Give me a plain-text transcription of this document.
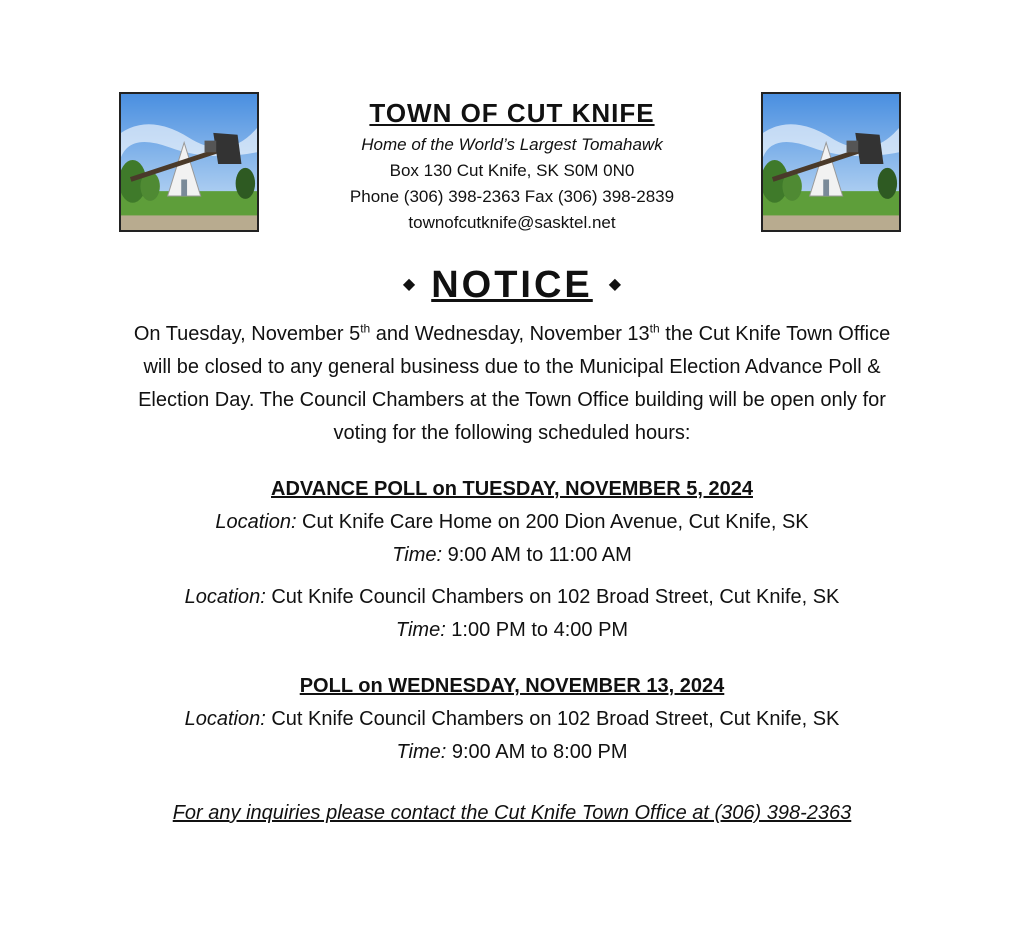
TOWN OF CUT KNIFE
Home of the World’s Largest Tomahawk
Box 130 Cut Knife, SK S0M 0N0
Phone (306) 398-2363 Fax (306) 398-2839
townofcutknife@sasktel.net
◆ NOTICE ◆
On Tuesday, November 5th and Wednesday, November 13th the Cut Knife Town Office will be closed to any general business due to the Municipal Election Advance Poll & Election Day. The Council Chambers at the Town Office building will be open only for voting for the following scheduled hours:
ADVANCE POLL on TUESDAY, NOVEMBER 5, 2024
Location: Cut Knife Care Home on 200 Dion Avenue, Cut Knife, SK
Time: 9:00 AM to 11:00 AM
Location: Cut Knife Council Chambers on 102 Broad Street, Cut Knife, SK
Time: 1:00 PM to 4:00 PM
POLL on WEDNESDAY, NOVEMBER 13, 2024
Location: Cut Knife Council Chambers on 102 Broad Street, Cut Knife, SK
Time: 9:00 AM to 8:00 PM
For any inquiries please contact the Cut Knife Town Office at (306) 398-2363
